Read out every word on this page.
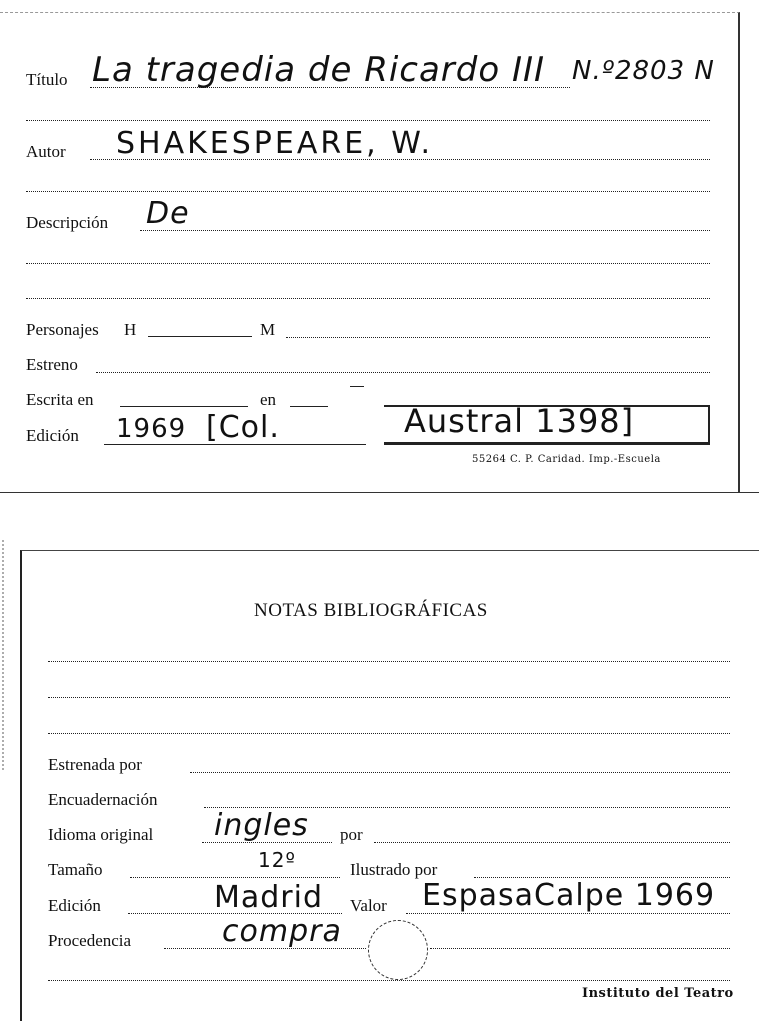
Título La tragedia de Ricardo III N.º2803 N
Autor SHAKESPEARE, W.
Descripción De
Personajes H	M
Estreno
Escrita en	en
Edición 1969 [Col.	Austral 1398]
55264 C. P. Caridad. Imp.-Escuela
NOTAS BIBLIOGRÁFICAS
Estrenada por
Encuadernación
Idioma original ingles por
Tamaño	12º	Ilustrado por
Edición	Madrid Valor EspasaCalpe 1969
Procedencia	compra
Instituto del Teatro
